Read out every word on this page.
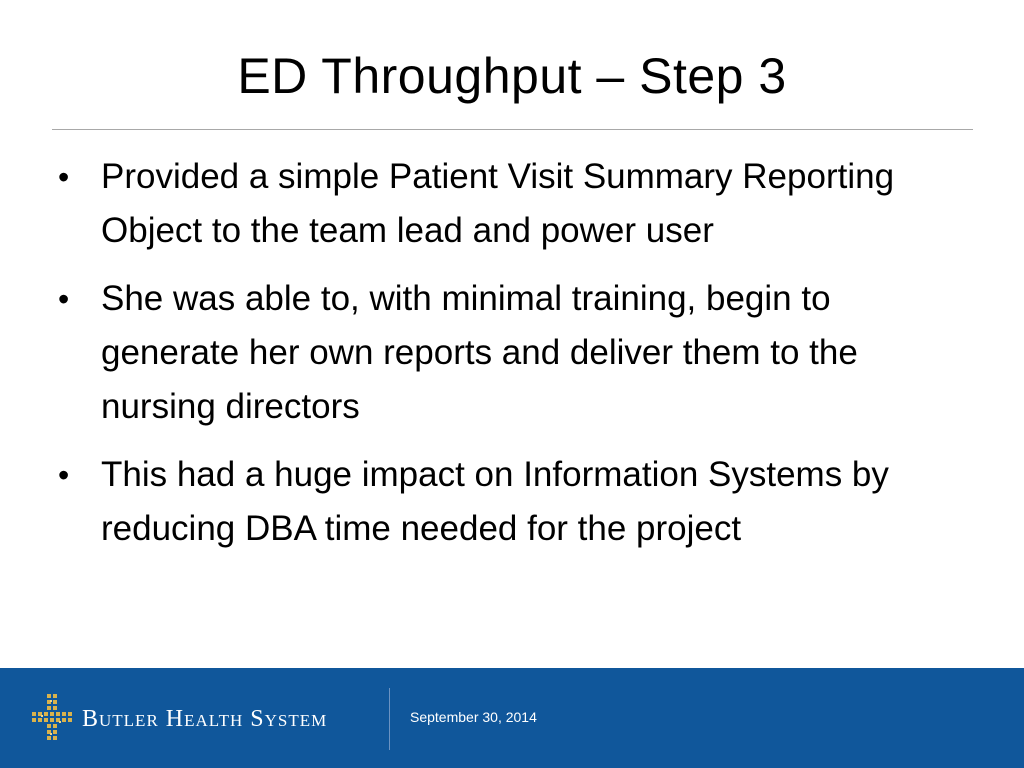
ED Throughput – Step 3
• Provided a simple Patient Visit Summary Reporting Object to the team lead and power user
• She was able to, with minimal training, begin to generate her own reports and deliver them to the nursing directors
• This had a huge impact on Information Systems by reducing DBA time needed for the project
Butler Health System	September 30, 2014
